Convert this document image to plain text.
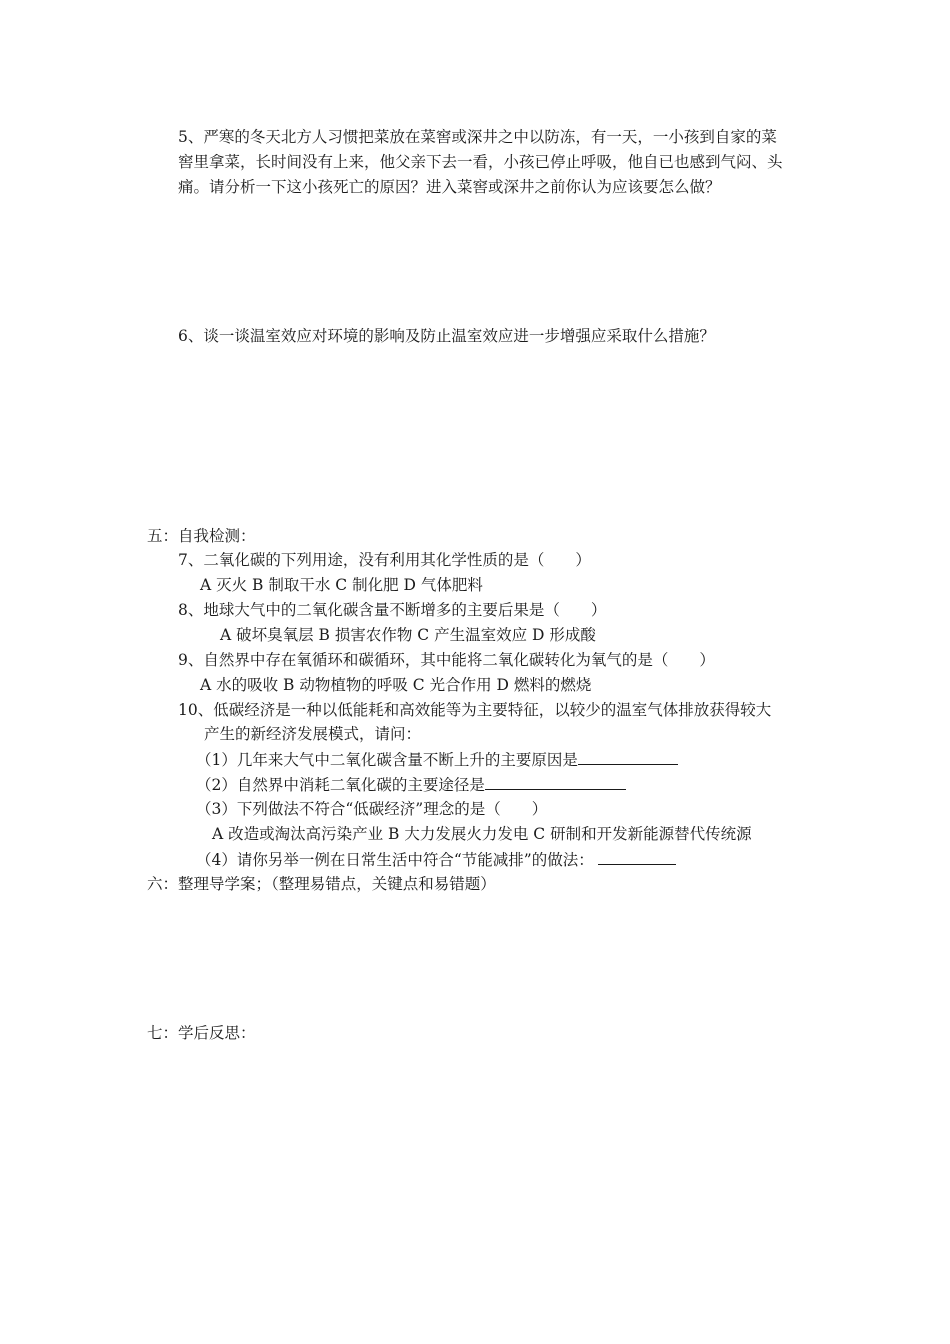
5、严寒的冬天北方人习惯把菜放在菜窖或深井之中以防冻，有一天，一小孩到自家的菜
窖里拿菜，长时间没有上来，他父亲下去一看，小孩已停止呼吸，他自已也感到气闷、头
痛。请分析一下这小孩死亡的原因？进入菜窖或深井之前你认为应该要怎么做？
6、谈一谈温室效应对环境的影响及防止温室效应进一步增强应采取什么措施？
五：自我检测：
7、二氧化碳的下列用途，没有利用其化学性质的是（　　）
A 灭火 B 制取干水 C 制化肥 D 气体肥料
8、地球大气中的二氧化碳含量不断增多的主要后果是（　　）
A 破坏臭氧层 B 损害农作物 C 产生温室效应 D 形成酸
9、自然界中存在氧循环和碳循环，其中能将二氧化碳转化为氧气的是（　　）
A 水的吸收 B 动物植物的呼吸 C 光合作用 D 燃料的燃烧
10、低碳经济是一种以低能耗和高效能等为主要特征，以较少的温室气体排放获得较大
产生的新经济发展模式，请问：
（1）几年来大气中二氧化碳含量不断上升的主要原因是
（2）自然界中消耗二氧化碳的主要途径是
（3）下列做法不符合“低碳经济”理念的是（　　）
A 改造或淘汰高污染产业 B 大力发展火力发电 C 研制和开发新能源替代传统源
（4）请你另举一例在日常生活中符合“节能减排”的做法：
六：整理导学案；（整理易错点，关键点和易错题）
七：学后反思：
